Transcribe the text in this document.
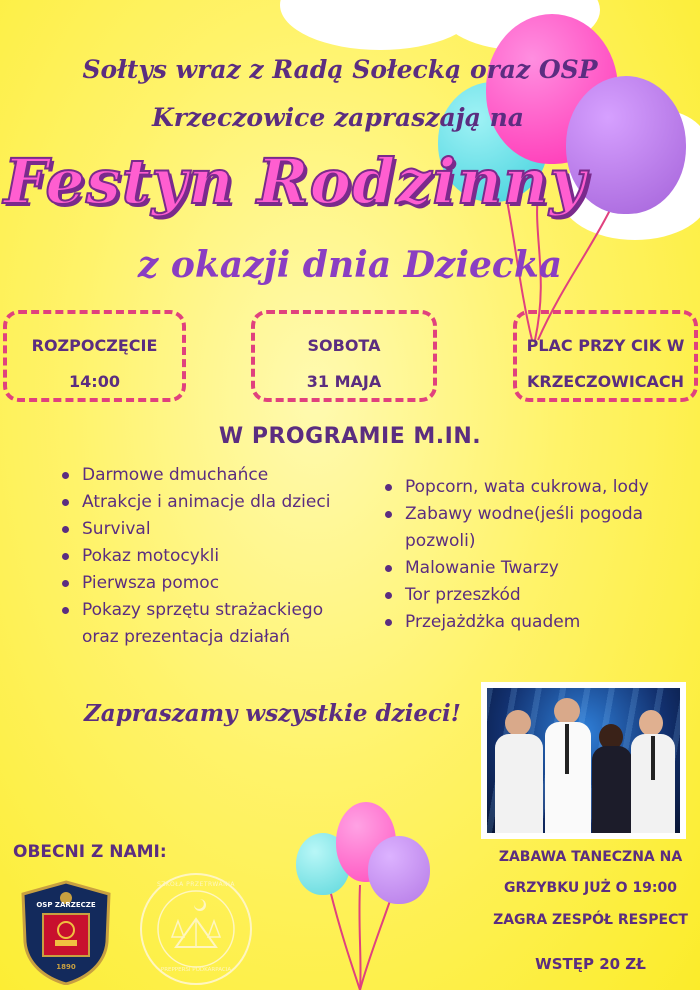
Sołtys wraz z Radą Sołecką oraz OSP
Krzeczowice zapraszają na
Festyn Rodzinny
z okazji dnia Dziecka
ROZPOCZĘCIE
14:00
SOBOTA
31 MAJA
PLAC PRZY CIK W
KRZECZOWICACH
W PROGRAMIE M.IN.
Darmowe dmuchańce
Atrakcje i animacje dla dzieci
Survival
Pokaz motocykli
Pierwsza pomoc
Pokazy sprzętu strażackiego oraz prezentacja działań
Popcorn, wata cukrowa, lody
Zabawy wodne(jeśli pogoda pozwoli)
Malowanie Twarzy
Tor przeszkód
Przejażdżka quadem
Zapraszamy wszystkie dzieci!
OBECNI Z NAMI:
OSP ZARZECZE
1890
SZKOŁA PRZETRWANIA
PREPPERSI PODKARPACIA
ZABAWA TANECZNA NA
GRZYBKU JUŻ O 19:00
ZAGRA ZESPÓŁ RESPECT
WSTĘP 20 ZŁ
